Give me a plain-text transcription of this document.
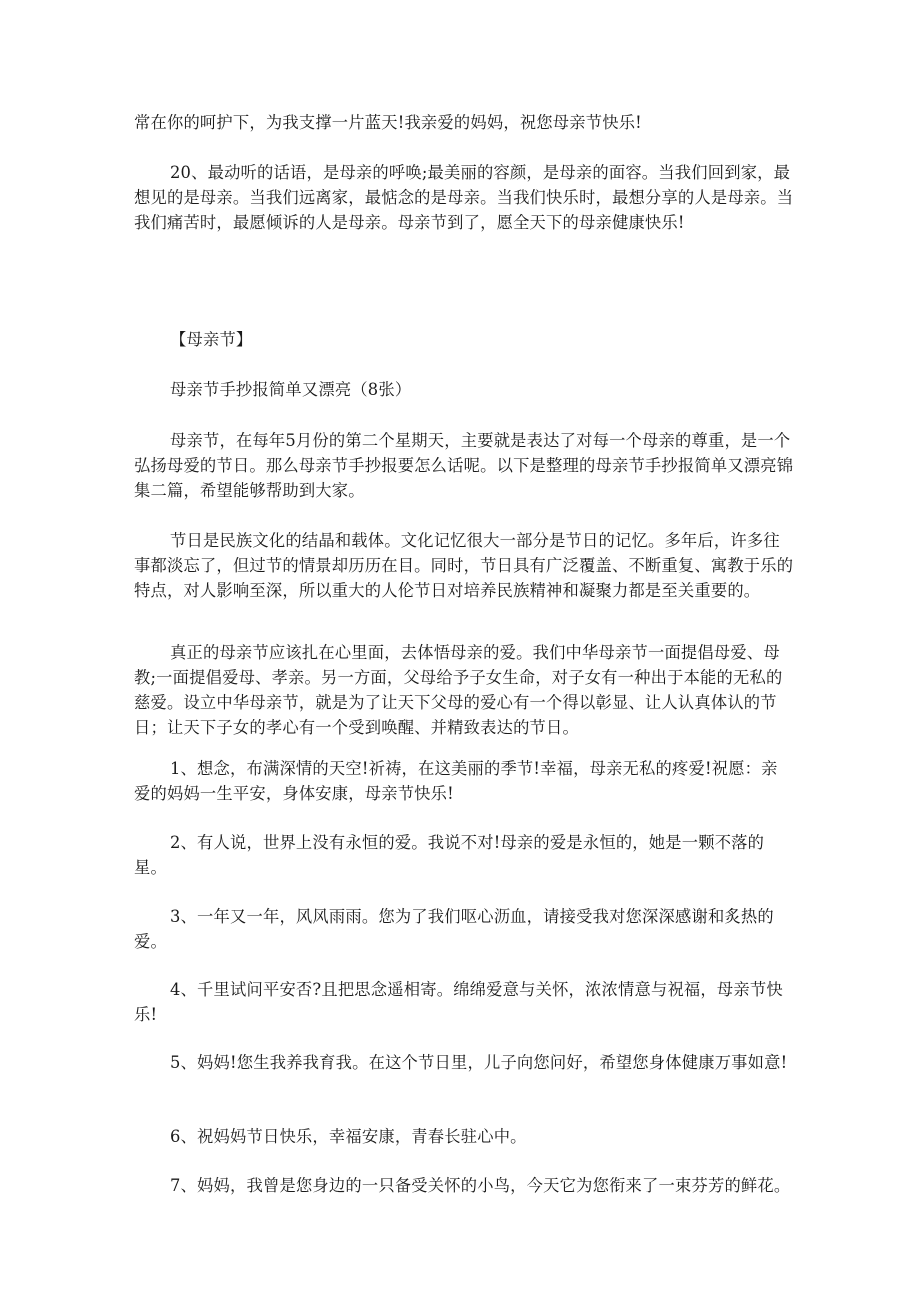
常在你的呵护下，为我支撑一片蓝天!我亲爱的妈妈，祝您母亲节快乐!

20、最动听的话语，是母亲的呼唤;最美丽的容颜，是母亲的面容。当我们回到家，最想见的是母亲。当我们远离家，最惦念的是母亲。当我们快乐时，最想分享的人是母亲。当我们痛苦时，最愿倾诉的人是母亲。母亲节到了，愿全天下的母亲健康快乐!

【母亲节】

母亲节手抄报简单又漂亮（8张）

母亲节，在每年5月份的第二个星期天，主要就是表达了对每一个母亲的尊重，是一个弘扬母爱的节日。那么母亲节手抄报要怎么话呢。以下是整理的母亲节手抄报简单又漂亮锦集二篇，希望能够帮助到大家。

节日是民族文化的结晶和载体。文化记忆很大一部分是节日的记忆。多年后，许多往事都淡忘了，但过节的情景却历历在目。同时，节日具有广泛覆盖、不断重复、寓教于乐的特点，对人影响至深，所以重大的人伦节日对培养民族精神和凝聚力都是至关重要的。

真正的母亲节应该扎在心里面，去体悟母亲的爱。我们中华母亲节一面提倡母爱、母教;一面提倡爱母、孝亲。另一方面，父母给予子女生命，对子女有一种出于本能的无私的慈爱。设立中华母亲节，就是为了让天下父母的爱心有一个得以彰显、让人认真体认的节日；让天下子女的孝心有一个受到唤醒、并精致表达的节日。

1、想念，布满深情的天空!祈祷，在这美丽的季节!幸福，母亲无私的疼爱!祝愿：亲爱的妈妈一生平安，身体安康，母亲节快乐!

2、有人说，世界上没有永恒的爱。我说不对!母亲的爱是永恒的，她是一颗不落的星。

3、一年又一年，风风雨雨。您为了我们呕心沥血，请接受我对您深深感谢和炙热的爱。

4、千里试问平安否?且把思念遥相寄。绵绵爱意与关怀，浓浓情意与祝福，母亲节快乐!

5、妈妈!您生我养我育我。在这个节日里，儿子向您问好，希望您身体健康万事如意!

6、祝妈妈节日快乐，幸福安康，青春长驻心中。

7、妈妈，我曾是您身边的一只备受关怀的小鸟，今天它为您衔来了一束芬芳的鲜花。
